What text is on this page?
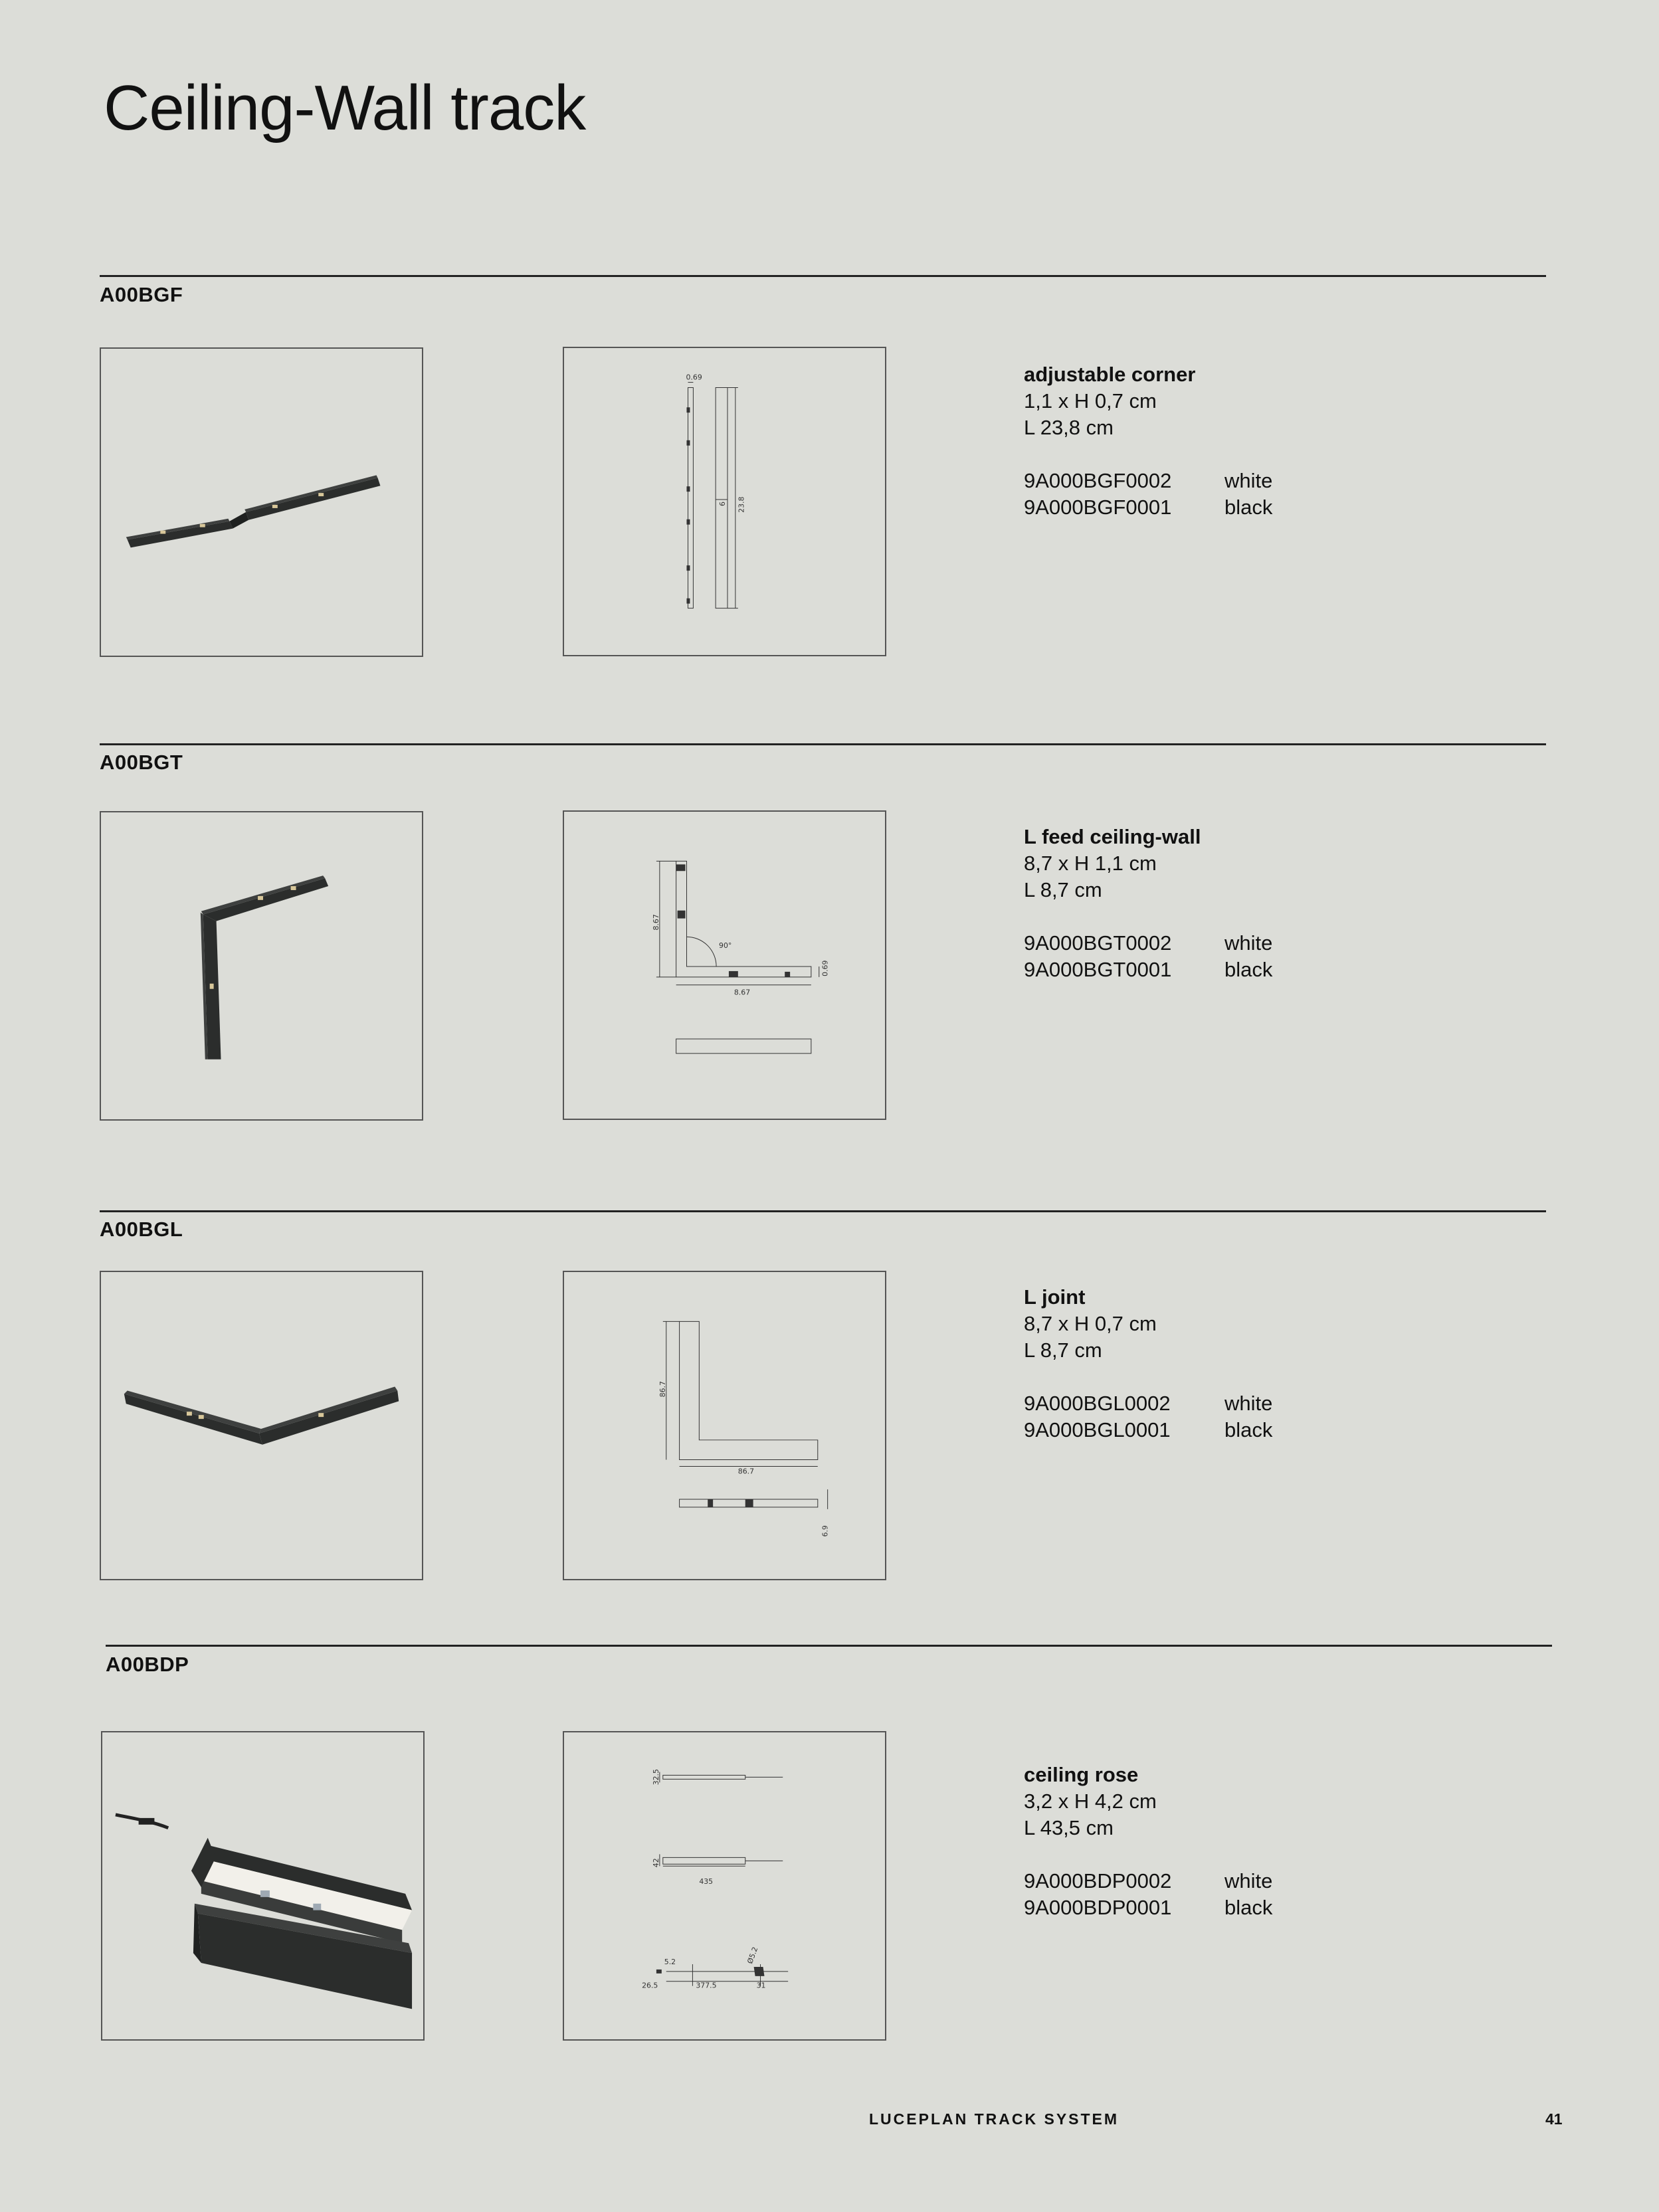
Ceiling-Wall track
A00BGF
0.69
6 23.8
adjustable corner
1,1 x H 0,7 cm
L 23,8 cm
9A000BGF0002	white
9A000BGF0001	black
A00BGT
8.67
90°
0.69
8.67
L feed ceiling-wall
8,7 x H 1,1 cm
L 8,7 cm
9A000BGT0002	white
9A000BGT0001	black
A00BGL
86.7
86.7
6.9
L joint
8,7 x H 0,7 cm
L 8,7 cm
9A000BGL0002	white
9A000BGL0001	black
A00BDP
32.5
42
435
5.2	Ø5.2
26.5	377.5	31
ceiling rose
3,2 x H 4,2 cm
L 43,5 cm
9A000BDP0002	white
9A000BDP0001	black
LUCEPLAN TRACK SYSTEM	41
